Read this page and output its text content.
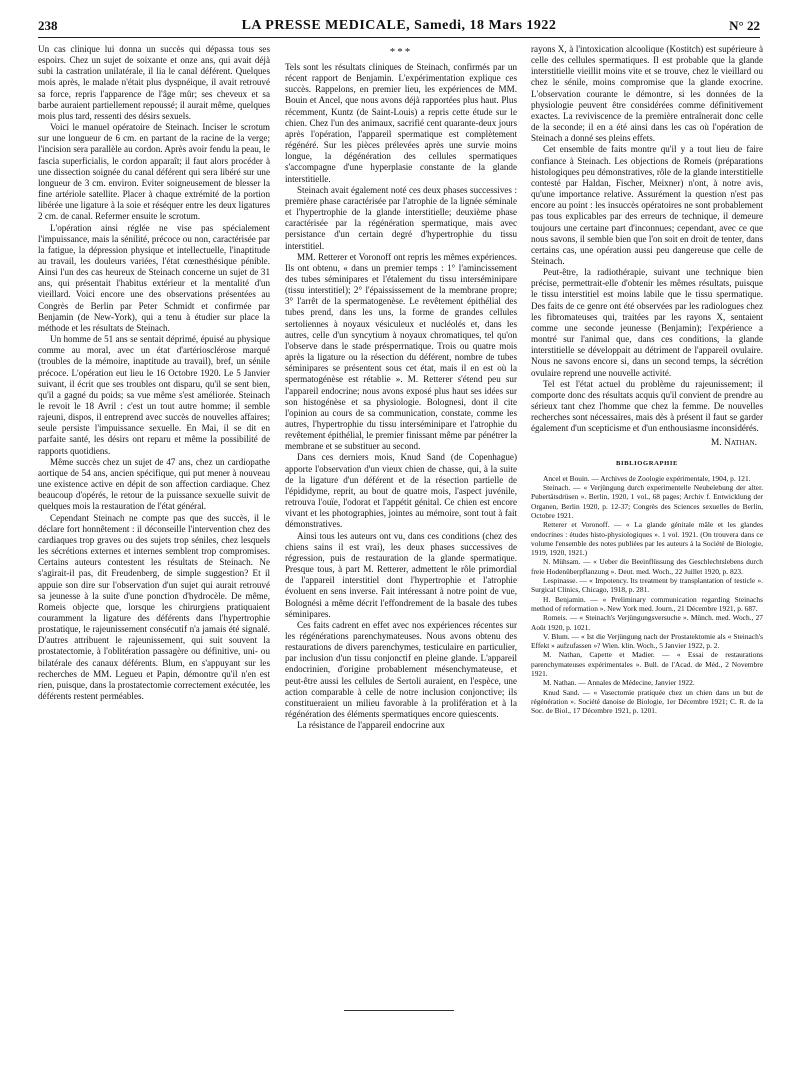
238	LA PRESSE MEDICALE, Samedi, 18 Mars 1922	N° 22

Un cas clinique lui donna un succès qui dépassa tous ses espoirs. Chez un sujet de soixante et onze ans, qui avait déjà subi la castration unilatérale, il lia le canal déférent. Quelques mois après, le malade n'était plus dyspnéique, il avait retrouvé sa force, repris l'apparence de l'âge mûr; ses cheveux et sa barbe auraient partiellement repoussé; il aurait même, quelques mois plus tard, ressenti des désirs sexuels.

Voici le manuel opératoire de Steinach. Inciser le scrotum sur une longueur de 6 cm. en partant de la racine de la verge; l'incision sera parallèle au cordon. Après avoir fendu la peau, le fascia superficialis, le cordon apparaît; il faut alors procéder à une dissection soignée du canal déférent qui sera libéré sur une longueur de 3 cm. environ. Eviter soigneusement de blesser la fine artériole satellite. Placer à chaque extrémité de la portion libérée une ligature à la soie et réséquer entre les deux ligatures 2 cm. de canal. Refermer ensuite le scrotum.

L'opération ainsi réglée ne vise pas spécialement l'impuissance, mais la sénilité, précoce ou non, caractérisée par la fatigue, la dépression physique et intellectuelle, l'inaptitude au travail, les douleurs variées, l'état cœnesthésique pénible. Ainsi l'un des cas heureux de Steinach concerne un sujet de 31 ans, qui présentait l'habitus extérieur et la mentalité d'un vieillard. Voici encore une des observations présentées au Congrès de Berlin par Peter Schmidt et confirmée par Benjamin (de New-York), qui a tenu à étudier sur place la méthode et les résultats de Steinach.

Un homme de 51 ans se sentait déprimé, épuisé au physique comme au moral, avec un état d'artériosclérose marqué (troubles de la mémoire, inaptitude au travail), bref, un sénile précoce. L'opération eut lieu le 16 Octobre 1920. Le 5 Janvier suivant, il écrit que ses troubles ont disparu, qu'il se sent bien, qu'il a gagné du poids; sa vue même s'est améliorée. Steinach le revoit le 18 Avril : c'est un tout autre homme; il semble rajeuni, dispos, il entreprend avec succès de nouvelles affaires; seule persiste l'impuissance sexuelle. En Mai, il se dit en parfaite santé, les désirs ont reparu et même la possibilité de rapports quotidiens.

Même succès chez un sujet de 47 ans, chez un cardiopathe aortique de 54 ans, ancien spécifique, qui put mener à nouveau une existence active en dépit de son affection cardiaque. Chez beaucoup d'opérés, le retour de la puissance sexuelle suivit de quelques mois la restauration de l'état général.

Cependant Steinach ne compte pas que des succès, il le déclare fort honnêtement : il déconseille l'intervention chez des cardiaques trop graves ou des sujets trop séniles, chez lesquels les sécrétions externes et internes semblent trop compromises. Certains auteurs contestent les résultats de Steinach. Ne s'agirait-il pas, dit Freudenberg, de simple suggestion? Et il appuie son dire sur l'observation d'un sujet qui aurait retrouvé sa jeunesse à la suite d'une ponction d'hydrocèle. De même, Romeis objecte que, lorsque les chirurgiens pratiquaient couramment la ligature des déférents dans l'hypertrophie prostatique, le rajeunissement consécutif n'a jamais été signalé. D'autres attribuent le rajeunissement, qui suit souvent la prostatectomie, à l'oblitération passagère ou définitive, uni- ou bilatérale des canaux déférents. Blum, en s'appuyant sur les recherches de MM. Legueu et Papin, démontre qu'il n'en est rien, puisque, dans la prostatectomie correctement exécutée, les déférents restent perméables.

***

Tels sont les résultats cliniques de Steinach, confirmés par un récent rapport de Benjamin. L'expérimentation explique ces succès. Rappelons, en premier lieu, les expériences de MM. Bouin et Ancel, que nous avons déjà rapportées plus haut. Plus récemment, Kuntz (de Saint-Louis) a repris cette étude sur le chien. Chez l'un des animaux, sacrifié cent quarante-deux jours après l'opération, l'appareil spermatique est complètement régénéré. Sur les pièces prélevées après une survie moins longue, la dégénération des cellules spermatiques s'accompagne d'une hyperplasie constante de la glande interstitielle.

Steinach avait également noté ces deux phases successives : première phase caractérisée par l'atrophie de la lignée séminale et l'hypertrophie de la glande interstitielle; deuxième phase caractérisée par la régénération spermatique, mais avec persistance d'un certain degré d'hypertrophie du tissu interstitiel.

MM. Retterer et Voronoff ont repris les mêmes expériences. Ils ont obtenu, « dans un premier temps : 1° l'amincissement des tubes séminipares et l'étalement du tissu interséminipare (tissu interstitiel); 2° l'épaississement de la membrane propre; 3° l'arrêt de la spermatogenèse. Le revêtement épithélial des tubes prend, dans les uns, la forme de grandes cellules sertoliennes à noyaux vésiculeux et nucléolés et, dans les autres, celle d'un syncytium à noyaux chromatiques, tel qu'on l'observe dans le stade présperrnatique. Trois ou quatre mois après la ligature ou la résection du déférent, nombre de tubes séminipares se présentent sous cet état, mais il en est où la spermatogénèse est rétablie ». M. Retterer s'étend peu sur l'appareil endocrine; nous avons exposé plus haut ses idées sur son histogénèse et sa physiologie. Bolognesi, dont il cite l'opinion au cours de sa communication, constate, comme les autres, l'hypertrophie du tissu interséminipare et l'atrophie du revêtement épithélial, le premier finissant même par pénétrer la membrane et se substituer au second.

Dans ces derniers mois, Knud Sand (de Copenhague) apporte l'observation d'un vieux chien de chasse, qui, à la suite de la ligature d'un déférent et de la résection partielle de l'épididyme, reprit, au bout de quatre mois, l'aspect juvénile, retrouva l'ouïe, l'odorat et l'appétit génital. Ce chien est encore vivant et les photographies, jointes au mémoire, sont tout à fait démonstratives.

Ainsi tous les auteurs ont vu, dans ces conditions (chez des chiens sains il est vrai), les deux phases successives de régression, puis de restauration de la glande spermatique. Presque tous, à part M. Retterer, admettent le rôle primordial de l'appareil interstitiel dont l'hypertrophie et l'atrophie évoluent en sens inverse. Fait intéressant à notre point de vue, Bolognési a même décrit l'effondrement de la basale des tubes séminipares.

Ces faits cadrent en effet avec nos expériences récentes sur les régénérations parenchymateuses. Nous avons obtenu des restaurations de divers parenchymes, testiculaire en particulier, par inclusion d'un tissu conjonctif en pleine glande. L'appareil endocrinien, d'origine probablement mésenchymateuse, et peut-être aussi les cellules de Sertoli auraient, en l'espèce, une action comparable à celle de notre inclusion conjonctive; ils constitueraient un milieu favorable à la prolifération et à la régénération des éléments spermatiques encore quiescents.

La résistance de l'appareil endocrine aux

rayons X, à l'intoxication alcoolique (Kostitch) est supérieure à celle des cellules spermatiques. Il est probable que la glande interstitielle vieillit moins vite et se trouve, chez le vieillard ou chez le sénile, moins compromise que la glande exocrine. L'observation courante le démontre, si les données de la physiologie peuvent être considérées comme définitivement exactes. La reviviscence de la première entraînerait donc celle de la seconde; il en a été ainsi dans les cas où l'opération de Steinach a donné ses pleins effets.

Cet ensemble de faits montre qu'il y a tout lieu de faire confiance à Steinach. Les objections de Romeis (préparations histologiques peu démonstratives, rôle de la glande interstitielle contesté par Haldan, Fischer, Meixner) n'ont, à notre avis, qu'une importance relative. Assurément la question n'est pas encore au point : les insuccès opératoires ne sont probablement pas tous explicables par des erreurs de technique, il demeure toujours une certaine part d'inconnues; cependant, avec ce que nous savons, il semble bien que l'on soit en droit de tenter, dans certains cas, une opération aussi peu dangereuse que celle de Steinach.

Peut-être, la radiothérapie, suivant une technique bien précise, permettrait-elle d'obtenir les mêmes résultats, puisque le tissu interstitiel est moins labile que le tissu spermatique. Des faits de ce genre ont été observées par les radiologues chez les fibromateuses qui, traitées par les rayons X, sentaient comme une seconde jeunesse (Benjamin); l'expérience a montré sur l'animal que, dans ces conditions, la glande interstitielle se développait au détriment de l'appareil ovulaire. Nous ne savons encore si, dans un second temps, la sécrétion ovulaire reprend une nouvelle activité.

Tel est l'état actuel du problème du rajeunissement; il comporte donc des résultats acquis qu'il convient de prendre au sérieux tant chez l'homme que chez la femme. De nouvelles recherches sont nécessaires, mais dès à présent il faut se garder également d'un scepticisme et d'un enthousiasme inconsidérés.

M. Nathan.
BIBLIOGRAPHIE

Ancel et Bouin. — Archives de Zoologie expérimentale, 1904, p. 121.

Steinach. — « Verjüngung durch experimentelle Neubelebung der alter. Pubertätsdrüsen ». Berlin, 1920, 1 vol., 68 pages; Archiv f. Entwicklung der Organen, Berlin 1920, p. 12-37; Congrès des Sciences sexuelles de Berlin, Octobre 1921.

Retterer et Voronoff. — « La glande génitale mâle et les glandes endocrines : études histo-physiologiques ». 1 vol. 1921. (On trouvera dans ce volume l'ensemble des notes publiées par les auteurs à la Société de Biologie, 1919, 1920, 1921.)

N. Mühsam. — « Ueber die Beeinflüssung des Geschlechtslebens durch freie Hodenüberpflanzung ». Deut. med. Woch., 22 Juillet 1920, p. 823.

Lespinasse. — « Impotency. Its treatment by transplantation of testicle ». Surgical Clinics, Chicago, 1918, p. 281.

H. Benjamin. — « Preliminary communication regarding Steinachs method of reformation ». New York med. Journ., 21 Décembre 1921, p. 687.

Romeis. — « Steinach's Verjüngungsversuche ». Münch. med. Woch., 27 Août 1920, p. 1021.

V. Blum. — « Ist die Verjüngung nach der Prostatektomie als « Steinach's Effekt » aufzufassen »? Wien. klin. Woch., 5 Janvier 1922, p. 2.

M. Nathan, Capette et Madier. — « Essai de restaurations parenchymateuses expérimentales ». Bull. de l'Acad. de Méd., 2 Novembre 1921.

M. Nathan. — Annales de Médecine, Janvier 1922.

Knud Sand. — « Vasectomie pratiquée chez un chien dans un but de régénération ». Société danoise de Biologie, 1er Décembre 1921; C. R. de la Soc. de Biol., 17 Décembre 1921, p. 1201.
